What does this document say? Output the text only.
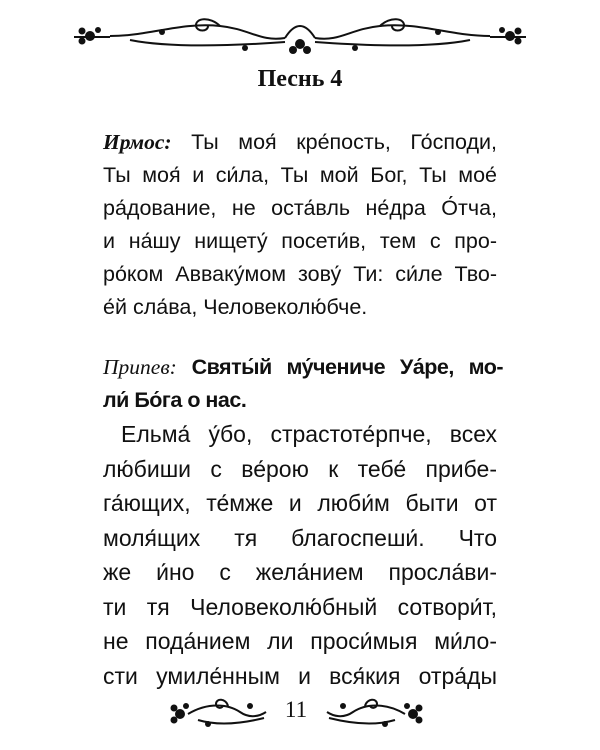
Песнь 4
Ирмос: Ты моя́ кре́пость, Го́споди,
Ты моя́ и си́ла, Ты мой Бог, Ты мое́
ра́дование, не оста́вль не́дра О́тча,
и на́шу нищету́ посети́в, тем с про-
ро́ком Авваку́мом зову́ Ти: си́ле Тво-
е́й сла́ва, Человеколю́бче.
Припев: Святы́й му́чениче Уа́ре, мо-
ли́ Бо́га о нас.
Ельма́ у́бо, страстоте́рпче, всех
лю́биши с ве́рою к тебе́ прибе-
га́ющих, те́мже и люби́м быти от
моля́щих тя благоспеши́. Что
же и́но с жела́нием просла́ви-
ти тя Человеколю́бный сотвори́т,
не пода́нием ли проси́мыя ми́ло-
сти умиле́нным и вся́кия отра́ды
11
